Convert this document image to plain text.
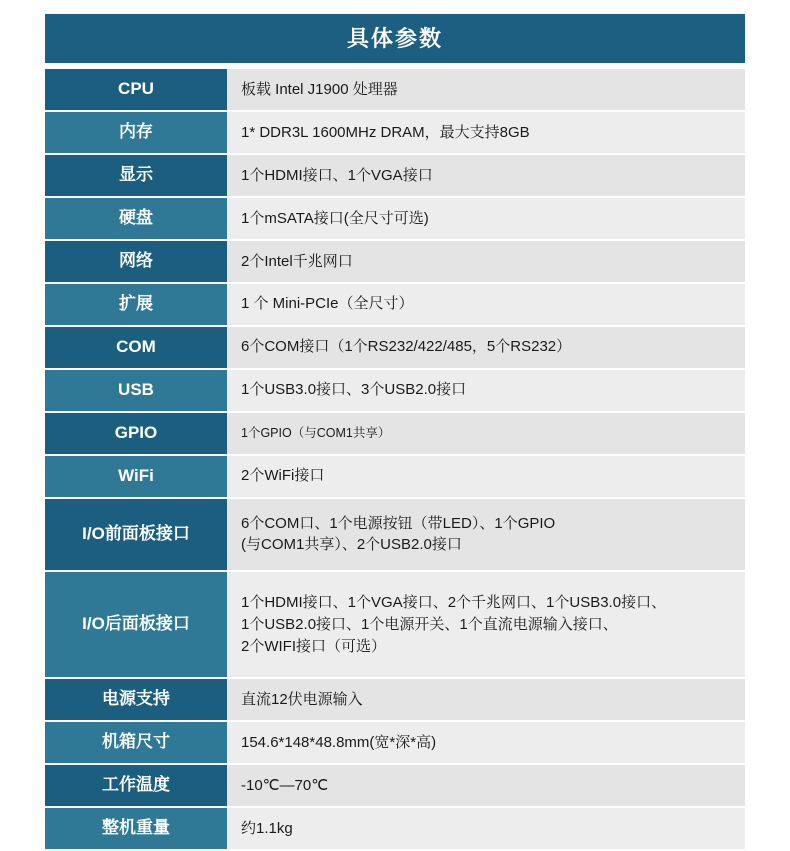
具体参数
CPU	板载 Intel J1900 处理器

内存	1* DDR3L 1600MHz DRAM，最大支持8GB

显示	1个HDMI接口、1个VGA接口

硬盘	1个mSATA接口(全尺寸可选)

网络	2个Intel千兆网口

扩展	1 个 Mini-PCIe（全尺寸）

COM	6个COM接口（1个RS232/422/485，5个RS232）

USB	1个USB3.0接口、3个USB2.0接口

GPIO	1个GPIO（与COM1共享）

WiFi	2个WiFi接口

I/O前面板接口	6个COM口、1个电源按钮（带LED）、1个GPIO
(与COM1共享）、2个USB2.0接口

I/O后面板接口	1个HDMI接口、1个VGA接口、2个千兆网口、1个USB3.0接口、
1个USB2.0接口、1个电源开关、1个直流电源输入接口、
2个WIFI接口（可选）

电源支持	直流12伏电源输入

机箱尺寸	154.6*148*48.8mm(宽*深*高)

工作温度	-10℃—70℃

整机重量	约1.1kg
